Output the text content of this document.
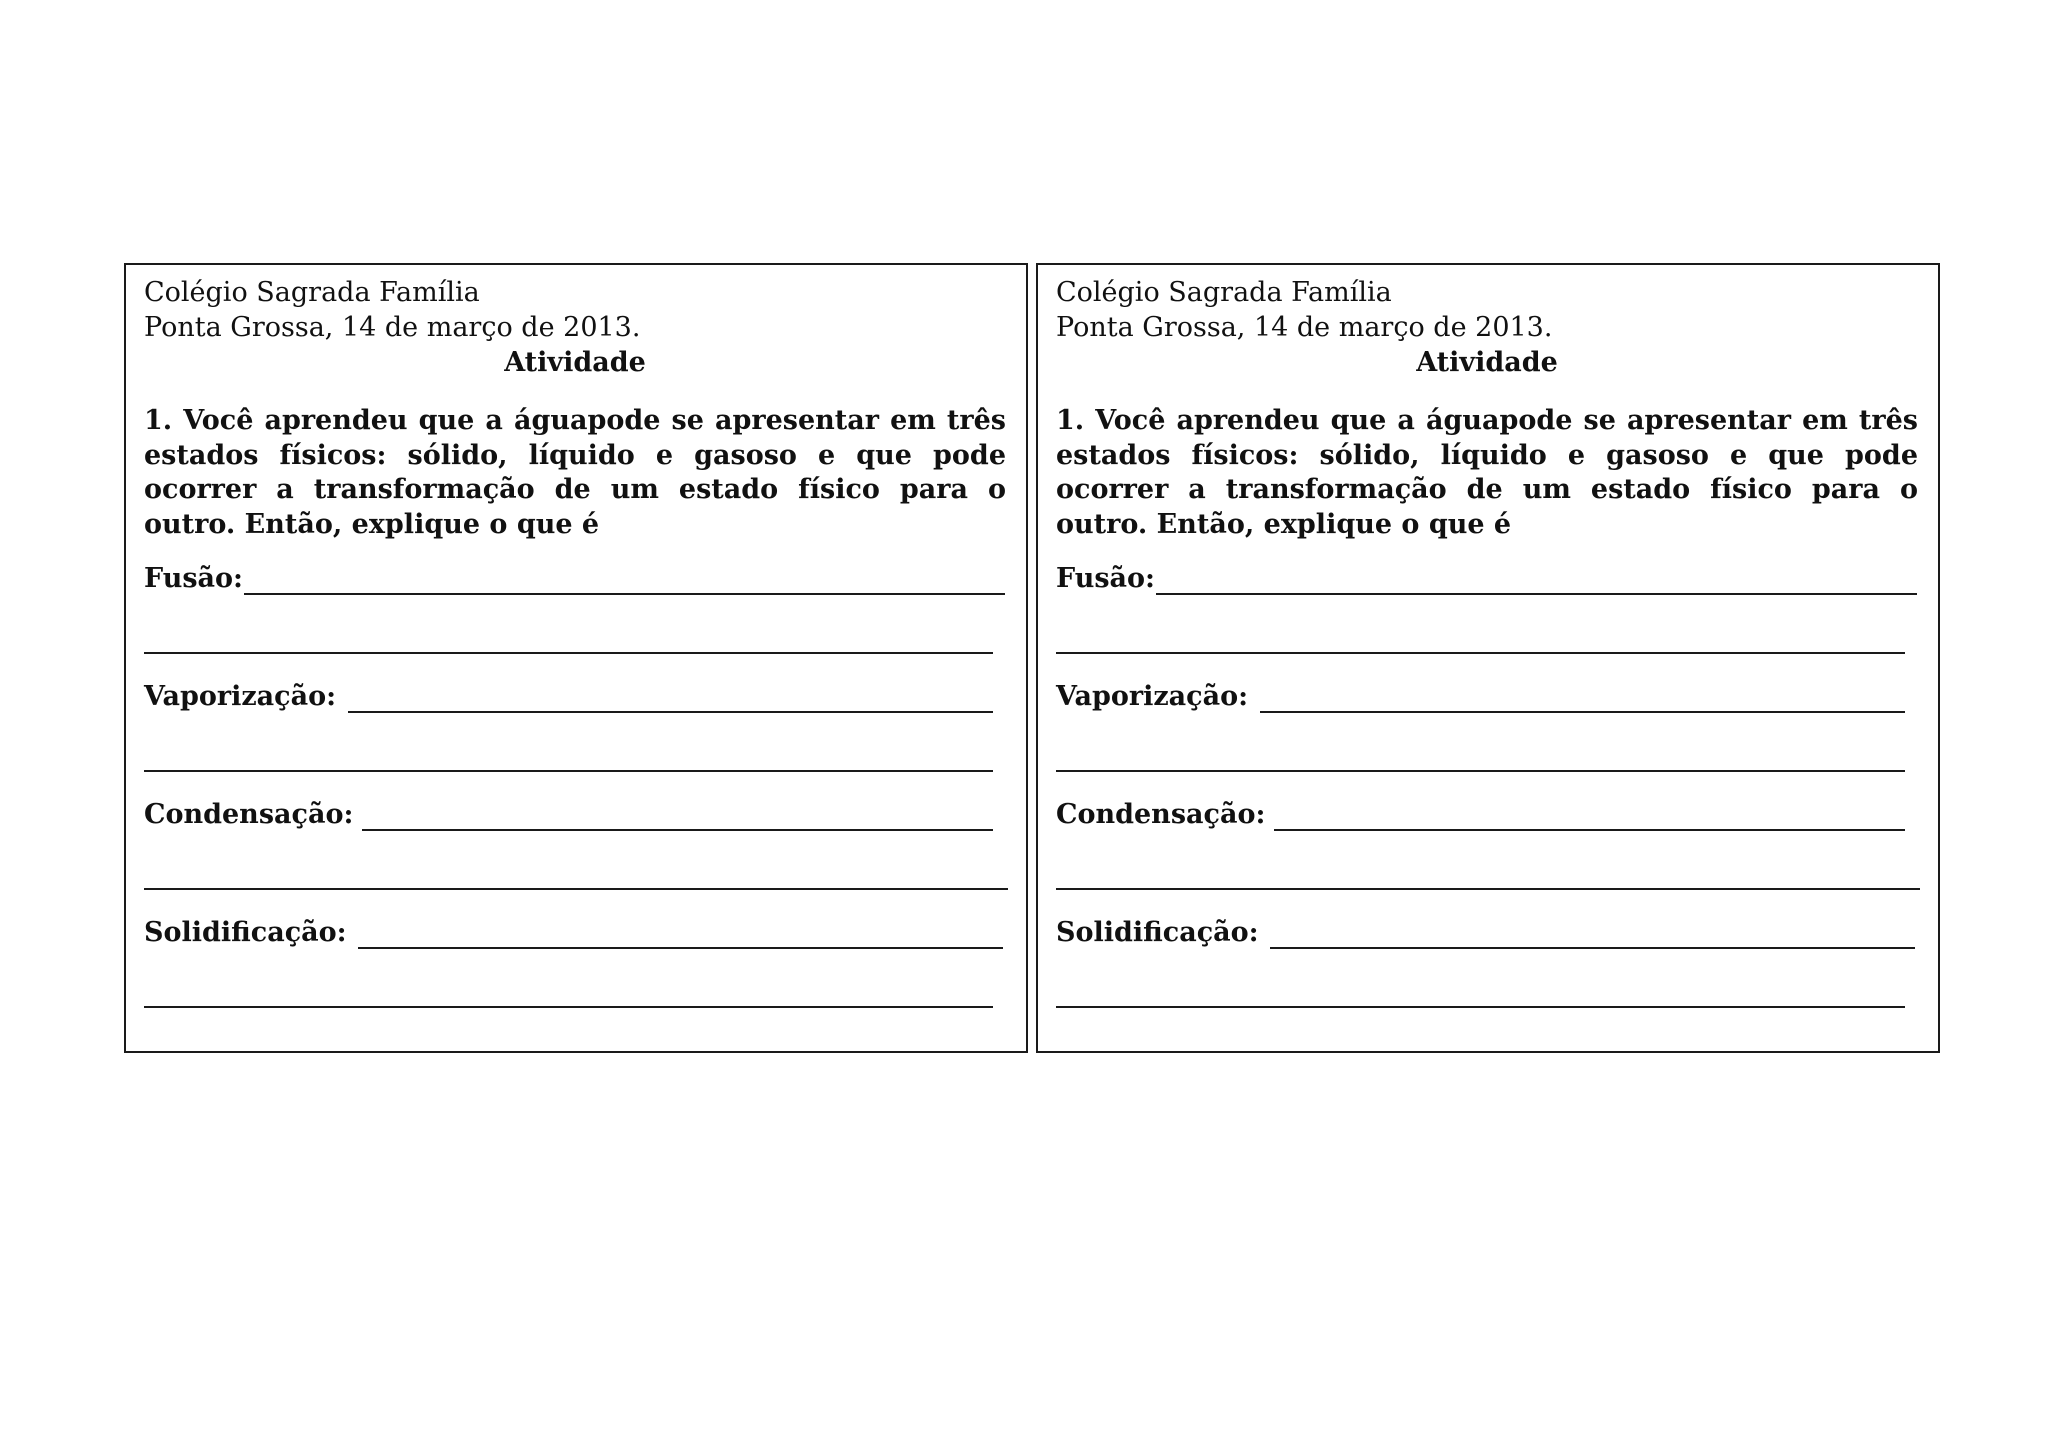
Colégio Sagrada Família
Ponta Grossa, 14 de março de 2013.
Atividade
1. Você aprendeu que a águapode se apresentar em três estados físicos: sólido, líquido e gasoso e que pode ocorrer a transformação de um estado físico para o outro. Então, explique o que é
Fusão:
Vaporização:
Condensação:
Solidificação:
Colégio Sagrada Família
Ponta Grossa, 14 de março de 2013.
Atividade
1. Você aprendeu que a águapode se apresentar em três estados físicos: sólido, líquido e gasoso e que pode ocorrer a transformação de um estado físico para o outro. Então, explique o que é
Fusão:
Vaporização:
Condensação:
Solidificação:
